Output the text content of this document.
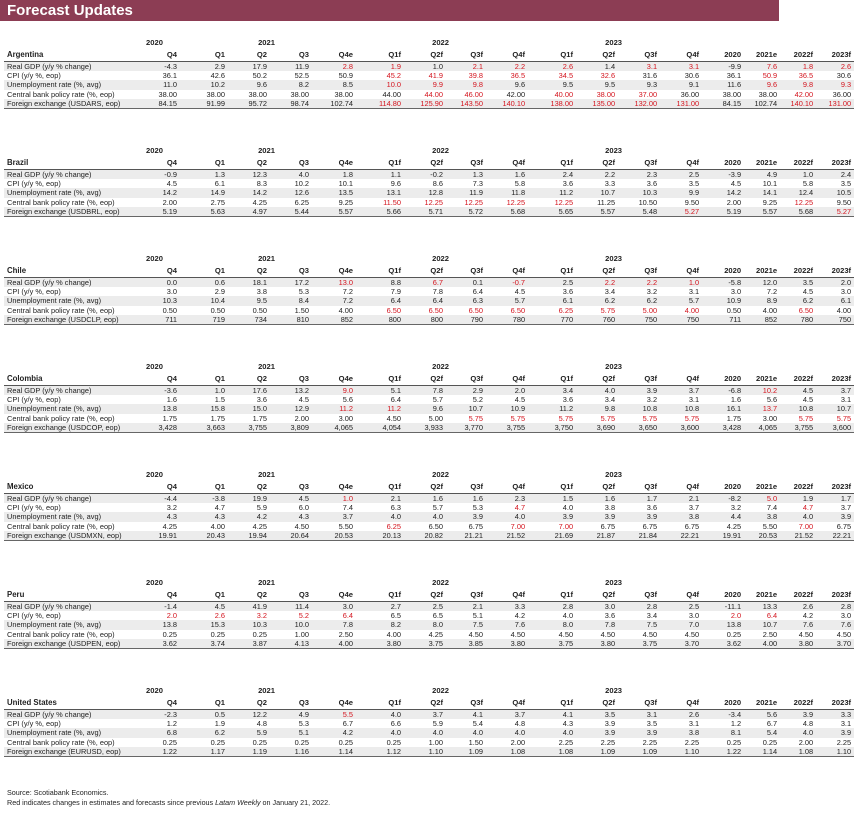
Forecast Updates
	2020	2021				2022				2023							
Argentina	Q4	Q1	Q2	Q3	Q4e	Q1f	Q2f	Q3f	Q4f	Q1f	Q2f	Q3f	Q4f	2020	2021e	2022f	2023f
Real GDP (y/y % change)	-4.3	2.9	17.9	11.9	2.8	1.9	1.0	2.1	2.2	2.6	1.4	3.1	3.1	-9.9	7.6	1.8	2.6
CPI (y/y %, eop)	36.1	42.6	50.2	52.5	50.9	45.2	41.9	39.8	36.5	34.5	32.6	31.6	30.6	36.1	50.9	36.5	30.6
Unemployment rate (%, avg)	11.0	10.2	9.6	8.2	8.5	10.0	9.9	9.8	9.6	9.5	9.5	9.3	9.1	11.6	9.6	9.8	9.3
Central bank policy rate (%, eop)	38.00	38.00	38.00	38.00	38.00	44.00	44.00	46.00	42.00	40.00	38.00	37.00	36.00	38.00	38.00	42.00	36.00
Foreign exchange (USDARS, eop)	84.15	91.99	95.72	98.74	102.74	114.80	125.90	143.50	140.10	138.00	135.00	132.00	131.00	84.15	102.74	140.10	131.00
	2020	2021				2022				2023							
Brazil	Q4	Q1	Q2	Q3	Q4e	Q1f	Q2f	Q3f	Q4f	Q1f	Q2f	Q3f	Q4f	2020	2021e	2022f	2023f
Real GDP (y/y % change)	-0.9	1.3	12.3	4.0	1.8	1.1	-0.2	1.3	1.6	2.4	2.2	2.3	2.5	-3.9	4.9	1.0	2.4
CPI (y/y %, eop)	4.5	6.1	8.3	10.2	10.1	9.6	8.6	7.3	5.8	3.6	3.3	3.6	3.5	4.5	10.1	5.8	3.5
Unemployment rate (%, avg)	14.2	14.9	14.2	12.6	13.5	13.1	12.8	11.9	11.8	11.2	10.7	10.3	9.9	14.2	14.1	12.4	10.5
Central bank policy rate (%, eop)	2.00	2.75	4.25	6.25	9.25	11.50	12.25	12.25	12.25	12.25	11.25	10.50	9.50	2.00	9.25	12.25	9.50
Foreign exchange (USDBRL, eop)	5.19	5.63	4.97	5.44	5.57	5.66	5.71	5.72	5.68	5.65	5.57	5.48	5.27	5.19	5.57	5.68	5.27
	2020	2021				2022				2023							
Chile	Q4	Q1	Q2	Q3	Q4e	Q1f	Q2f	Q3f	Q4f	Q1f	Q2f	Q3f	Q4f	2020	2021e	2022f	2023f
Real GDP (y/y % change)	0.0	0.6	18.1	17.2	13.0	8.8	6.7	0.1	-0.7	2.5	2.2	2.2	1.0	-5.8	12.0	3.5	2.0
CPI (y/y %, eop)	3.0	2.9	3.8	5.3	7.2	7.9	7.8	6.4	4.5	3.6	3.4	3.2	3.1	3.0	7.2	4.5	3.0
Unemployment rate (%, avg)	10.3	10.4	9.5	8.4	7.2	6.4	6.4	6.3	5.7	6.1	6.2	6.2	5.7	10.9	8.9	6.2	6.1
Central bank policy rate (%, eop)	0.50	0.50	0.50	1.50	4.00	6.50	6.50	6.50	6.50	6.25	5.75	5.00	4.00	0.50	4.00	6.50	4.00
Foreign exchange (USDCLP, eop)	711	719	734	810	852	800	800	790	780	770	760	750	750	711	852	780	750
	2020	2021				2022				2023							
Colombia	Q4	Q1	Q2	Q3	Q4e	Q1f	Q2f	Q3f	Q4f	Q1f	Q2f	Q3f	Q4f	2020	2021e	2022f	2023f
Real GDP (y/y % change)	-3.6	1.0	17.6	13.2	9.0	5.1	7.8	2.9	2.0	3.4	4.0	3.9	3.7	-6.8	10.2	4.5	3.7
CPI (y/y %, eop)	1.6	1.5	3.6	4.5	5.6	6.4	5.7	5.2	4.5	3.6	3.4	3.2	3.1	1.6	5.6	4.5	3.1
Unemployment rate (%, avg)	13.8	15.8	15.0	12.9	11.2	11.2	9.6	10.7	10.9	11.2	9.8	10.8	10.8	16.1	13.7	10.8	10.7
Central bank policy rate (%, eop)	1.75	1.75	1.75	2.00	3.00	4.50	5.00	5.75	5.75	5.75	5.75	5.75	5.75	1.75	3.00	5.75	5.75
Foreign exchange (USDCOP, eop)	3,428	3,663	3,755	3,809	4,065	4,054	3,933	3,770	3,755	3,750	3,690	3,650	3,600	3,428	4,065	3,755	3,600
	2020	2021				2022				2023							
Mexico	Q4	Q1	Q2	Q3	Q4e	Q1f	Q2f	Q3f	Q4f	Q1f	Q2f	Q3f	Q4f	2020	2021e	2022f	2023f
Real GDP (y/y % change)	-4.4	-3.8	19.9	4.5	1.0	2.1	1.6	1.6	2.3	1.5	1.6	1.7	2.1	-8.2	5.0	1.9	1.7
CPI (y/y %, eop)	3.2	4.7	5.9	6.0	7.4	6.3	5.7	5.3	4.7	4.0	3.8	3.6	3.7	3.2	7.4	4.7	3.7
Unemployment rate (%, avg)	4.3	4.3	4.2	4.3	3.7	4.0	4.0	3.9	4.0	3.9	3.9	3.9	3.8	4.4	3.8	4.0	3.9
Central bank policy rate (%, eop)	4.25	4.00	4.25	4.50	5.50	6.25	6.50	6.75	7.00	7.00	6.75	6.75	6.75	4.25	5.50	7.00	6.75
Foreign exchange (USDMXN, eop)	19.91	20.43	19.94	20.64	20.53	20.13	20.82	21.21	21.52	21.69	21.87	21.84	22.21	19.91	20.53	21.52	22.21
	2020	2021				2022				2023							
Peru	Q4	Q1	Q2	Q3	Q4e	Q1f	Q2f	Q3f	Q4f	Q1f	Q2f	Q3f	Q4f	2020	2021e	2022f	2023f
Real GDP (y/y % change)	-1.4	4.5	41.9	11.4	3.0	2.7	2.5	2.1	3.3	2.8	3.0	2.8	2.5	-11.1	13.3	2.6	2.8
CPI (y/y %, eop)	2.0	2.6	3.2	5.2	6.4	6.5	6.5	5.1	4.2	4.0	3.6	3.4	3.0	2.0	6.4	4.2	3.0
Unemployment rate (%, avg)	13.8	15.3	10.3	10.0	7.8	8.2	8.0	7.5	7.6	8.0	7.8	7.5	7.0	13.8	10.7	7.6	7.6
Central bank policy rate (%, eop)	0.25	0.25	0.25	1.00	2.50	4.00	4.25	4.50	4.50	4.50	4.50	4.50	4.50	0.25	2.50	4.50	4.50
Foreign exchange (USDPEN, eop)	3.62	3.74	3.87	4.13	4.00	3.80	3.75	3.85	3.80	3.75	3.80	3.75	3.70	3.62	4.00	3.80	3.70
	2020	2021				2022				2023							
United States	Q4	Q1	Q2	Q3	Q4e	Q1f	Q2f	Q3f	Q4f	Q1f	Q2f	Q3f	Q4f	2020	2021e	2022f	2023f
Real GDP (y/y % change)	-2.3	0.5	12.2	4.9	5.5	4.0	3.7	4.1	3.7	4.1	3.5	3.1	2.6	-3.4	5.6	3.9	3.3
CPI (y/y %, eop)	1.2	1.9	4.8	5.3	6.7	6.6	5.9	5.4	4.8	4.3	3.9	3.5	3.1	1.2	6.7	4.8	3.1
Unemployment rate (%, avg)	6.8	6.2	5.9	5.1	4.2	4.0	4.0	4.0	4.0	4.0	3.9	3.9	3.8	8.1	5.4	4.0	3.9
Central bank policy rate (%, eop)	0.25	0.25	0.25	0.25	0.25	0.25	1.00	1.50	2.00	2.25	2.25	2.25	2.25	0.25	0.25	2.00	2.25
Foreign exchange (EURUSD, eop)	1.22	1.17	1.19	1.16	1.14	1.12	1.10	1.09	1.08	1.08	1.09	1.09	1.10	1.22	1.14	1.08	1.10
Source: Scotiabank Economics.
Red indicates changes in estimates and forecasts since previous Latam Weekly on January 21, 2022.
